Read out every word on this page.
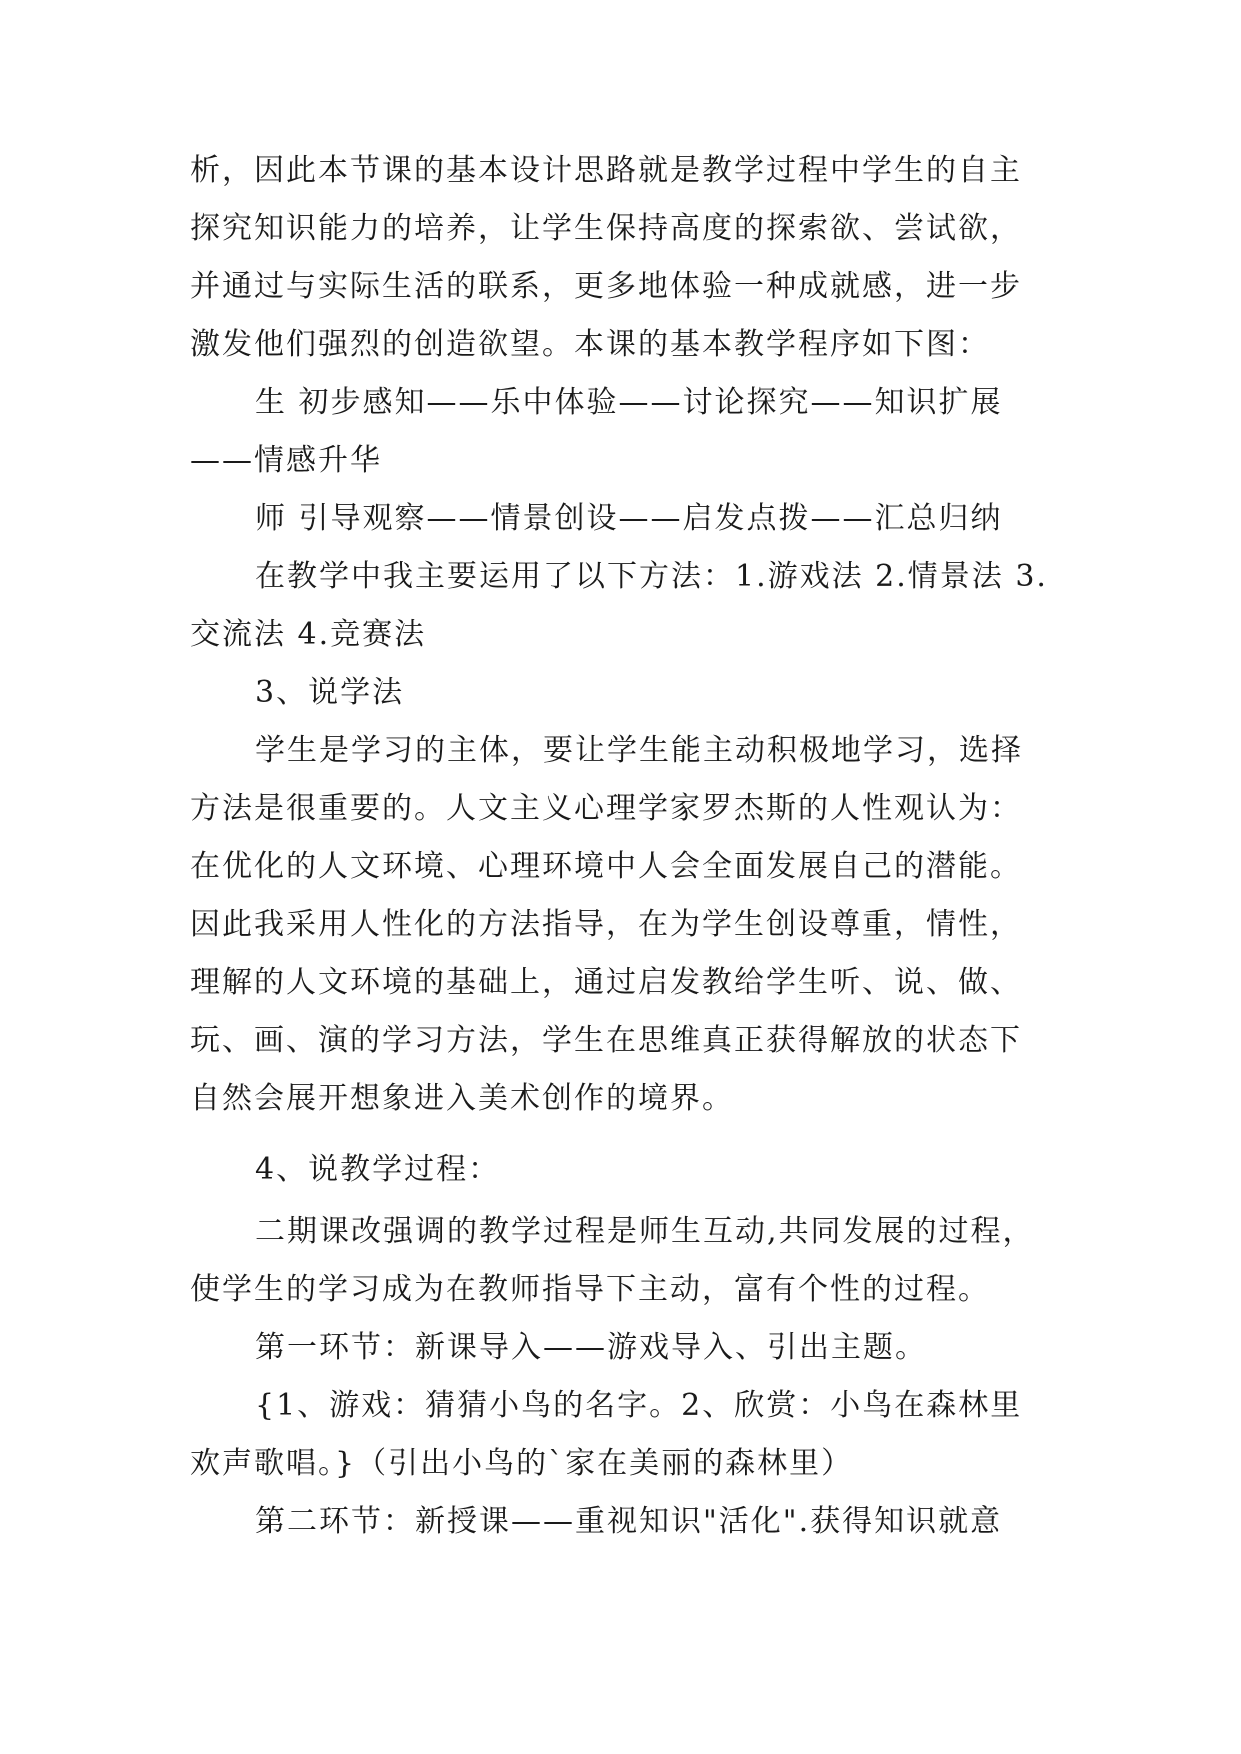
析，因此本节课的基本设计思路就是教学过程中学生的自主
探究知识能力的培养，让学生保持高度的探索欲、尝试欲，
并通过与实际生活的联系，更多地体验一种成就感，进一步
激发他们强烈的创造欲望。本课的基本教学程序如下图：
生 初步感知——乐中体验——讨论探究——知识扩展
——情感升华
师 引导观察——情景创设——启发点拨——汇总归纳
在教学中我主要运用了以下方法：1.游戏法 2.情景法 3.
交流法 4.竞赛法
3、说学法
学生是学习的主体，要让学生能主动积极地学习，选择
方法是很重要的。人文主义心理学家罗杰斯的人性观认为：
在优化的人文环境、心理环境中人会全面发展自己的潜能。
因此我采用人性化的方法指导，在为学生创设尊重，情性，
理解的人文环境的基础上，通过启发教给学生听、说、做、
玩、画、演的学习方法，学生在思维真正获得解放的状态下
自然会展开想象进入美术创作的境界。
4、说教学过程：
二期课改强调的教学过程是师生互动,共同发展的过程，
使学生的学习成为在教师指导下主动，富有个性的过程。
第一环节：新课导入——游戏导入、引出主题。
{1、游戏：猜猜小鸟的名字。2、欣赏：小鸟在森林里
欢声歌唱。}（引出小鸟的`家在美丽的森林里）
第二环节：新授课——重视知识"活化".获得知识就意
